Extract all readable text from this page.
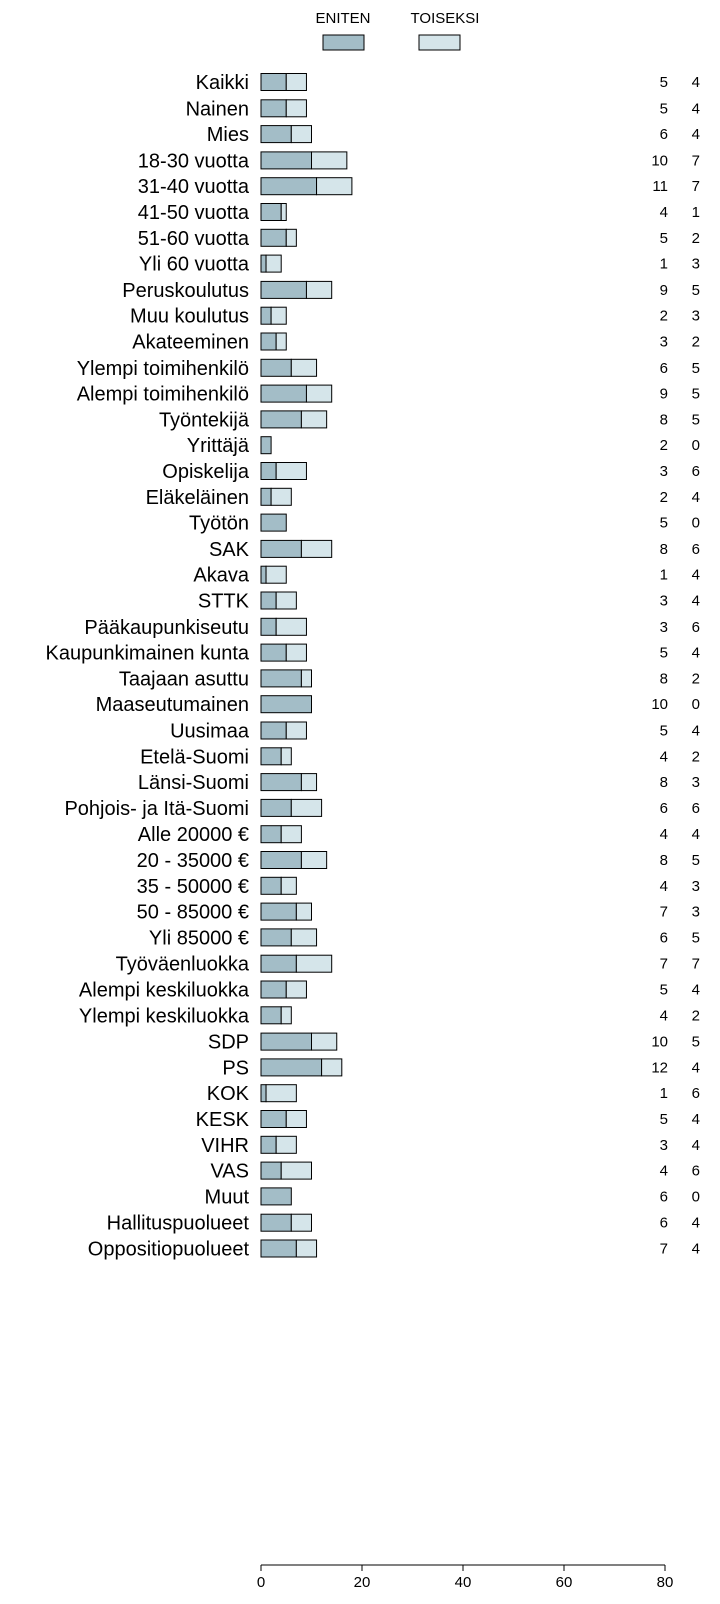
ENITEN	TOISEKSI
Kaikki	5 4
Nainen	5 4
Mies	6 4
18-30 vuotta	10 7
31-40 vuotta	11 7
41-50 vuotta	4 1
51-60 vuotta	5 2
Yli 60 vuotta	1 3
Peruskoulutus	9 5
Muu koulutus	2 3
Akateeminen	3 2
Ylempi toimihenkilö	6 5
Alempi toimihenkilö	9 5
Työntekijä	8 5
Yrittäjä	2 0
Opiskelija	3 6
Eläkeläinen	2 4
Työtön	5 0
SAK	8 6
Akava	1 4
STTK	3 4
Pääkaupunkiseutu	3 6
Kaupunkimainen kunta	5 4
Taajaan asuttu	8 2
Maaseutumainen	10 0
Uusimaa	5 4
Etelä-Suomi	4 2
Länsi-Suomi	8 3
Pohjois- ja Itä-Suomi	6 6
Alle 20000 €	4 4
20 - 35000 €	8 5
35 - 50000 €	4 3
50 - 85000 €	7 3
Yli 85000 €	6 5
Työväenluokka	7 7
Alempi keskiluokka	5 4
Ylempi keskiluokka	4 2
SDP	10 5
PS	12 4
KOK	1 6
KESK	5 4
VIHR	3 4
VAS	4 6
Muut	6 0
Hallituspuolueet	6 4
Oppositiopuolueet	7 4
0	20	40	60	80
